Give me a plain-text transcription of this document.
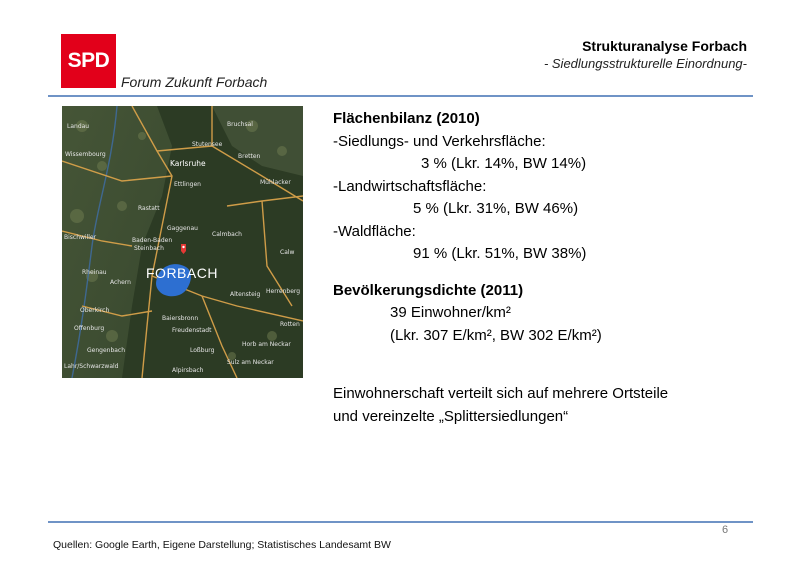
SPD
Forum Zukunft Forbach
Strukturanalyse Forbach
- Siedlungsstrukturelle Einordnung-
Bruchsal
Stutensee
Landau
Bretten
Wissembourg
Karlsruhe
Ettlingen	Mühlacker
Rastatt
Gaggenau
Bischwiller	Baden-Baden
Steinbach
Calmbach
Calw
Rheinau
Achern
Altensteig Herrenberg
Oberkirch
Baiersbronn
Rotten
Offenburg	Freudenstadt
Gengenbach	Loßburg
Sulz am Neckar
Horb am Neckar
Alpirsbach
Lahr/Schwarzwald
FORBACH
Flächenbilanz (2010)
-Siedlungs- und Verkehrsfläche:
3 % (Lkr. 14%, BW 14%)
-Landwirtschaftsfläche:
5 % (Lkr. 31%, BW 46%)
-Waldfläche:
91 % (Lkr. 51%, BW 38%)
Bevölkerungsdichte (2011)
39 Einwohner/km²
(Lkr. 307 E/km², BW 302 E/km²)
Einwohnerschaft verteilt sich auf mehrere Ortsteile
und vereinzelte „Splittersiedlungen“
6
Quellen: Google Earth, Eigene Darstellung; Statistisches Landesamt BW
